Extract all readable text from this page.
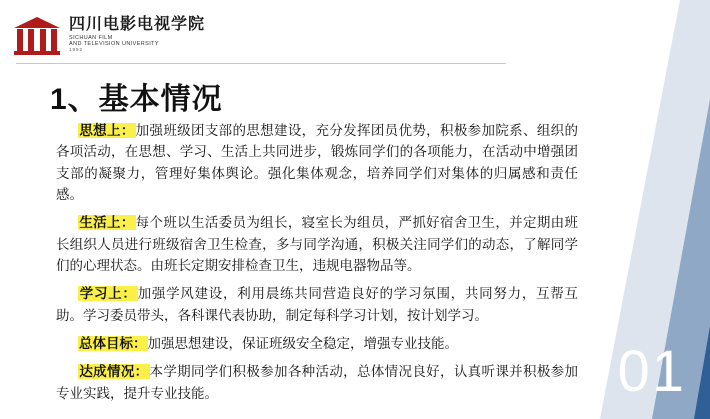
01
四川电影电视学院
SICHUAN FILM
AND TELEVISION UNIVERSITY
1992
1、基本情况

思想上：加强班级团支部的思想建设，充分发挥团员优势，积极参加院系、组织的各项活动，在思想、学习、生活上共同进步，锻炼同学们的各项能力，在活动中增强团支部的凝聚力，管理好集体舆论。强化集体观念，培养同学们对集体的归属感和责任感。

生活上：每个班以生活委员为组长，寝室长为组员，严抓好宿舍卫生，并定期由班长组织人员进行班级宿舍卫生检查，多与同学沟通，积极关注同学们的动态，了解同学们的心理状态。由班长定期安排检查卫生，违规电器物品等。

学习上：加强学风建设，利用晨练共同营造良好的学习氛围，共同努力，互帮互助。学习委员带头，各科课代表协助，制定每科学习计划，按计划学习。

总体目标：加强思想建设，保证班级安全稳定，增强专业技能。

达成情况：本学期同学们积极参加各种活动，总体情况良好，认真听课并积极参加专业实践，提升专业技能。
